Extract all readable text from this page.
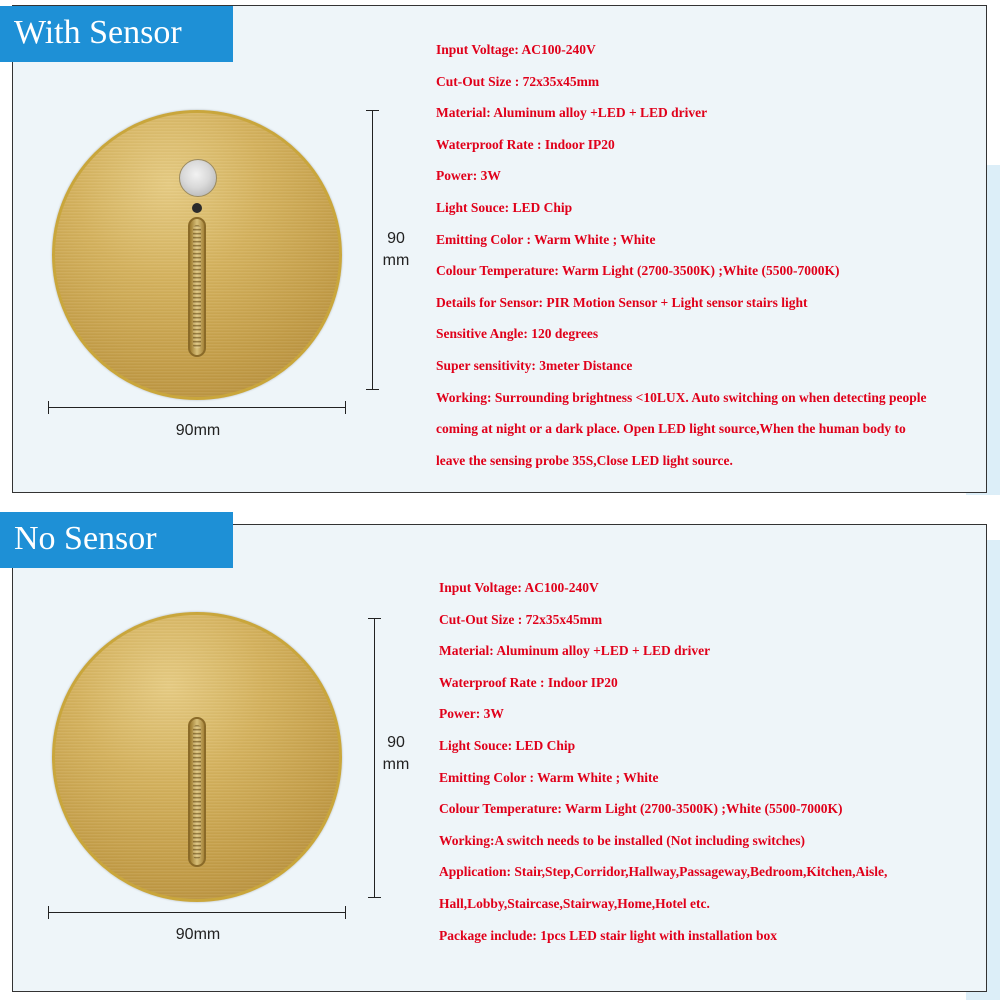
With Sensor
90
mm
90mm
Input Voltage: AC100-240V
Cut-Out Size : 72x35x45mm
Material: Aluminum alloy +LED + LED driver
Waterproof Rate : Indoor IP20
Power: 3W
Light Souce: LED Chip
Emitting Color : Warm White ; White
Colour Temperature: Warm Light (2700-3500K) ;White (5500-7000K)
Details for Sensor: PIR Motion Sensor + Light sensor stairs light
Sensitive Angle: 120 degrees
Super sensitivity: 3meter Distance
Working: Surrounding brightness <10LUX. Auto switching on when detecting people
coming at night or a dark place. Open LED light source,When the human body to
leave the sensing probe 35S,Close LED light source.
No Sensor
90
mm
90mm
Input Voltage: AC100-240V
Cut-Out Size : 72x35x45mm
Material: Aluminum alloy +LED + LED driver
Waterproof Rate : Indoor IP20
Power: 3W
Light Souce: LED Chip
Emitting Color : Warm White ; White
Colour Temperature: Warm Light (2700-3500K) ;White (5500-7000K)
Working:A switch needs to be installed (Not including switches)
Application: Stair,Step,Corridor,Hallway,Passageway,Bedroom,Kitchen,Aisle,
Hall,Lobby,Staircase,Stairway,Home,Hotel etc.
Package include: 1pcs LED stair light with installation box
